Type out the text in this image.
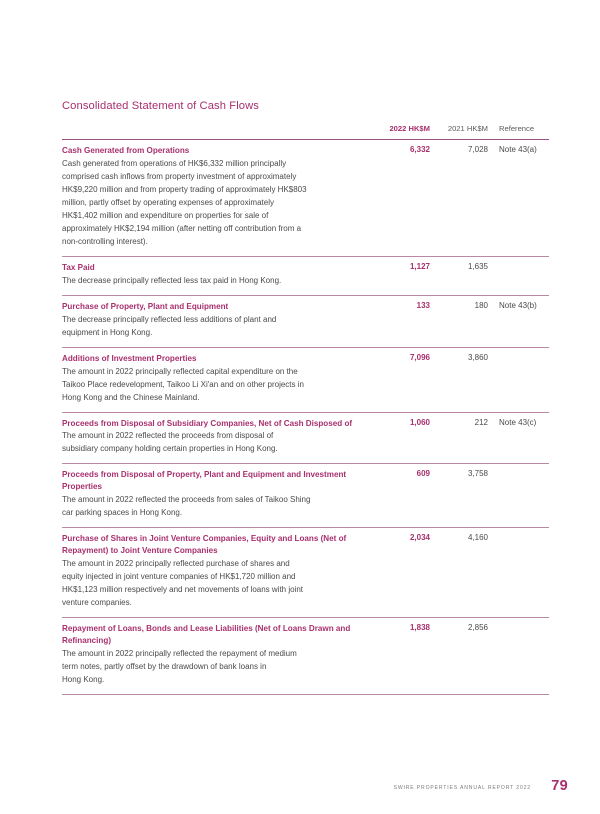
Consolidated Statement of Cash Flows
	2022 HK$M	2021 HK$M	Reference

Cash Generated from Operations	6,332	7,028	Note 43(a)

Cash generated from operations of HK$6,332 million principally
comprised cash inflows from property investment of approximately
HK$9,220 million and from property trading of approximately HK$803
million, partly offset by operating expenses of approximately
HK$1,402 million and expenditure on properties for sale of
approximately HK$2,194 million (after netting off contribution from a
non-controlling interest).

Tax Paid	1,127	1,635	

The decrease principally reflected less tax paid in Hong Kong.			

Purchase of Property, Plant and Equipment	133	180	Note 43(b)

The decrease principally reflected less additions of plant and
equipment in Hong Kong.			

Additions of Investment Properties	7,096	3,860	

The amount in 2022 principally reflected capital expenditure on the
Taikoo Place redevelopment, Taikoo Li Xi'an and on other projects in
Hong Kong and the Chinese Mainland.			

Proceeds from Disposal of Subsidiary Companies, Net of Cash Disposed of	1,060	212	Note 43(c)

The amount in 2022 reflected the proceeds from disposal of
subsidiary company holding certain properties in Hong Kong.			

Proceeds from Disposal of Property, Plant and Equipment and Investment Properties	609	3,758	

The amount in 2022 reflected the proceeds from sales of Taikoo Shing
car parking spaces in Hong Kong.			

Purchase of Shares in Joint Venture Companies, Equity and Loans (Net of Repayment) to Joint Venture Companies	2,034	4,160	

The amount in 2022 principally reflected purchase of shares and
equity injected in joint venture companies of HK$1,720 million and
HK$1,123 million respectively and net movements of loans with joint
venture companies.			

Repayment of Loans, Bonds and Lease Liabilities (Net of Loans Drawn and Refinancing)	1,838	2,856	

The amount in 2022 principally reflected the repayment of medium
term notes, partly offset by the drawdown of bank loans in
Hong Kong.			

SWIRE PROPERTIES ANNUAL REPORT 2022 79
